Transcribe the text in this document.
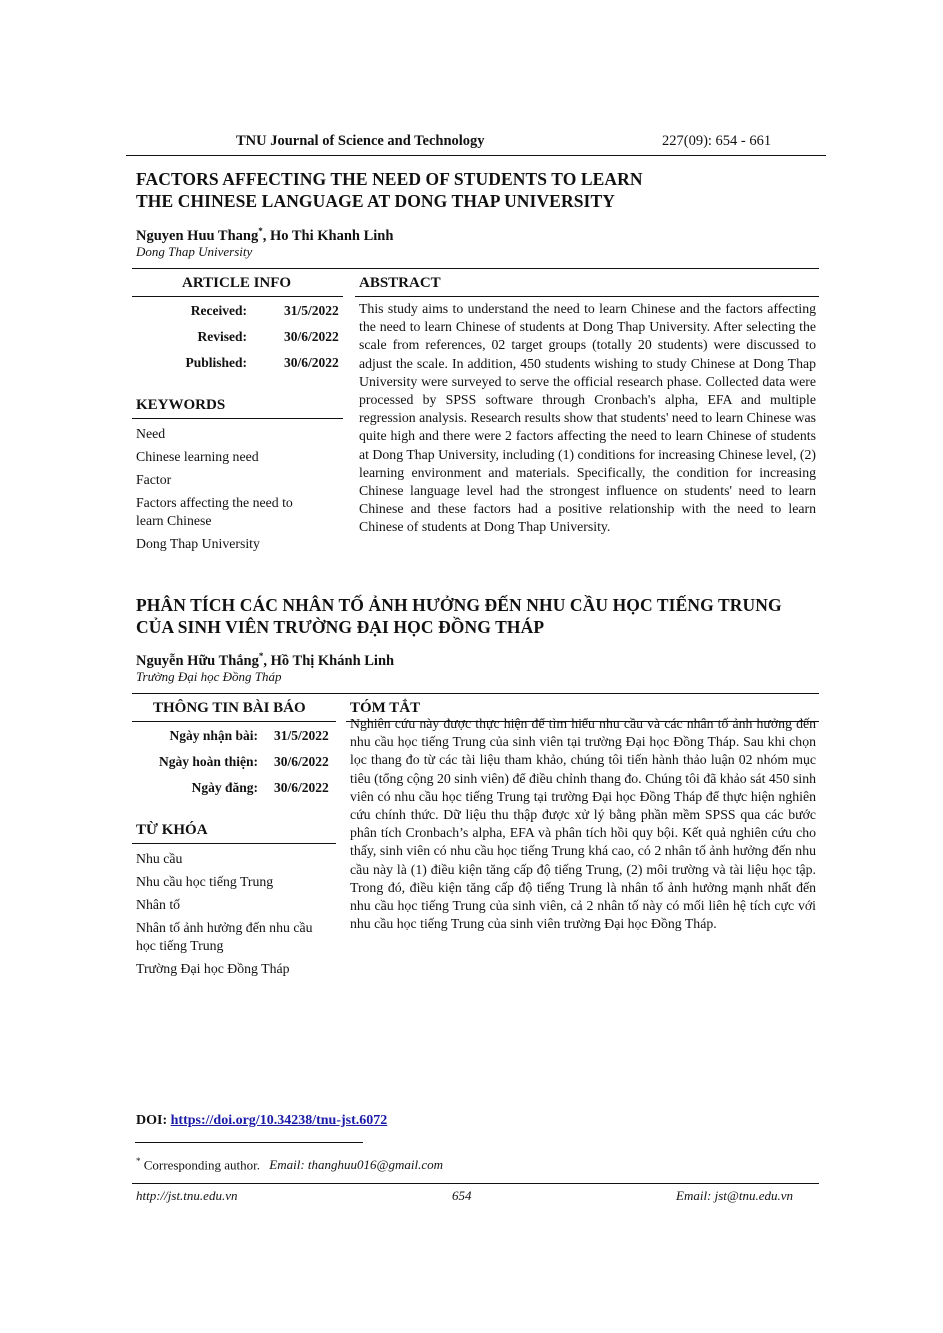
TNU Journal of Science and Technology	227(09): 654 - 661
FACTORS AFFECTING THE NEED OF STUDENTS TO LEARN
THE CHINESE LANGUAGE AT DONG THAP UNIVERSITY
Nguyen Huu Thang*, Ho Thi Khanh Linh
Dong Thap University
ARTICLE INFO	ABSTRACT
Received:	31/5/2022
Revised:	30/6/2022
Published:	30/6/2022
KEYWORDS
Need
Chinese learning need
Factor
Factors affecting the need to learn Chinese
Dong Thap University
This study aims to understand the need to learn Chinese and the factors affecting the need to learn Chinese of students at Dong Thap University. After selecting the scale from references, 02 target groups (totally 20 students) were discussed to adjust the scale. In addition, 450 students wishing to study Chinese at Dong Thap University were surveyed to serve the official research phase. Collected data were processed by SPSS software through Cronbach's alpha, EFA and multiple regression analysis. Research results show that students' need to learn Chinese was quite high and there were 2 factors affecting the need to learn Chinese of students at Dong Thap University, including (1) conditions for increasing Chinese level, (2) learning environment and materials. Specifically, the condition for increasing Chinese language level had the strongest influence on students' need to learn Chinese and these factors had a positive relationship with the need to learn Chinese of students at Dong Thap University.
PHÂN TÍCH CÁC NHÂN TỐ ẢNH HƯỞNG ĐẾN NHU CẦU HỌC TIẾNG TRUNG
CỦA SINH VIÊN TRƯỜNG ĐẠI HỌC ĐỒNG THÁP
Nguyễn Hữu Thắng*, Hồ Thị Khánh Linh
Trường Đại học Đồng Tháp
THÔNG TIN BÀI BÁO	TÓM TẮT
Ngày nhận bài: 31/5/2022
Ngày hoàn thiện: 30/6/2022
Ngày đăng: 30/6/2022
TỪ KHÓA
Nhu cầu
Nhu cầu học tiếng Trung
Nhân tố
Nhân tố ảnh hưởng đến nhu cầu học tiếng Trung
Trường Đại học Đồng Tháp
Nghiên cứu này được thực hiện để tìm hiểu nhu cầu và các nhân tố ảnh hưởng đến nhu cầu học tiếng Trung của sinh viên tại trường Đại học Đồng Tháp. Sau khi chọn lọc thang đo từ các tài liệu tham khảo, chúng tôi tiến hành thảo luận 02 nhóm mục tiêu (tổng cộng 20 sinh viên) để điều chỉnh thang đo. Chúng tôi đã khảo sát 450 sinh viên có nhu cầu học tiếng Trung tại trường Đại học Đồng Tháp để thực hiện nghiên cứu chính thức. Dữ liệu thu thập được xử lý bằng phần mềm SPSS qua các bước phân tích Cronbach’s alpha, EFA và phân tích hồi quy bội. Kết quả nghiên cứu cho thấy, sinh viên có nhu cầu học tiếng Trung khá cao, có 2 nhân tố ảnh hưởng đến nhu cầu này là (1) điều kiện tăng cấp độ tiếng Trung, (2) môi trường và tài liệu học tập. Trong đó, điều kiện tăng cấp độ tiếng Trung là nhân tố ảnh hưởng mạnh nhất đến nhu cầu học tiếng Trung của sinh viên, cả 2 nhân tố này có mối liên hệ tích cực với nhu cầu học tiếng Trung của sinh viên trường Đại học Đồng Tháp.
DOI: https://doi.org/10.34238/tnu-jst.6072
* Corresponding author. Email: thanghuu016@gmail.com
http://jst.tnu.edu.vn	654	Email: jst@tnu.edu.vn
